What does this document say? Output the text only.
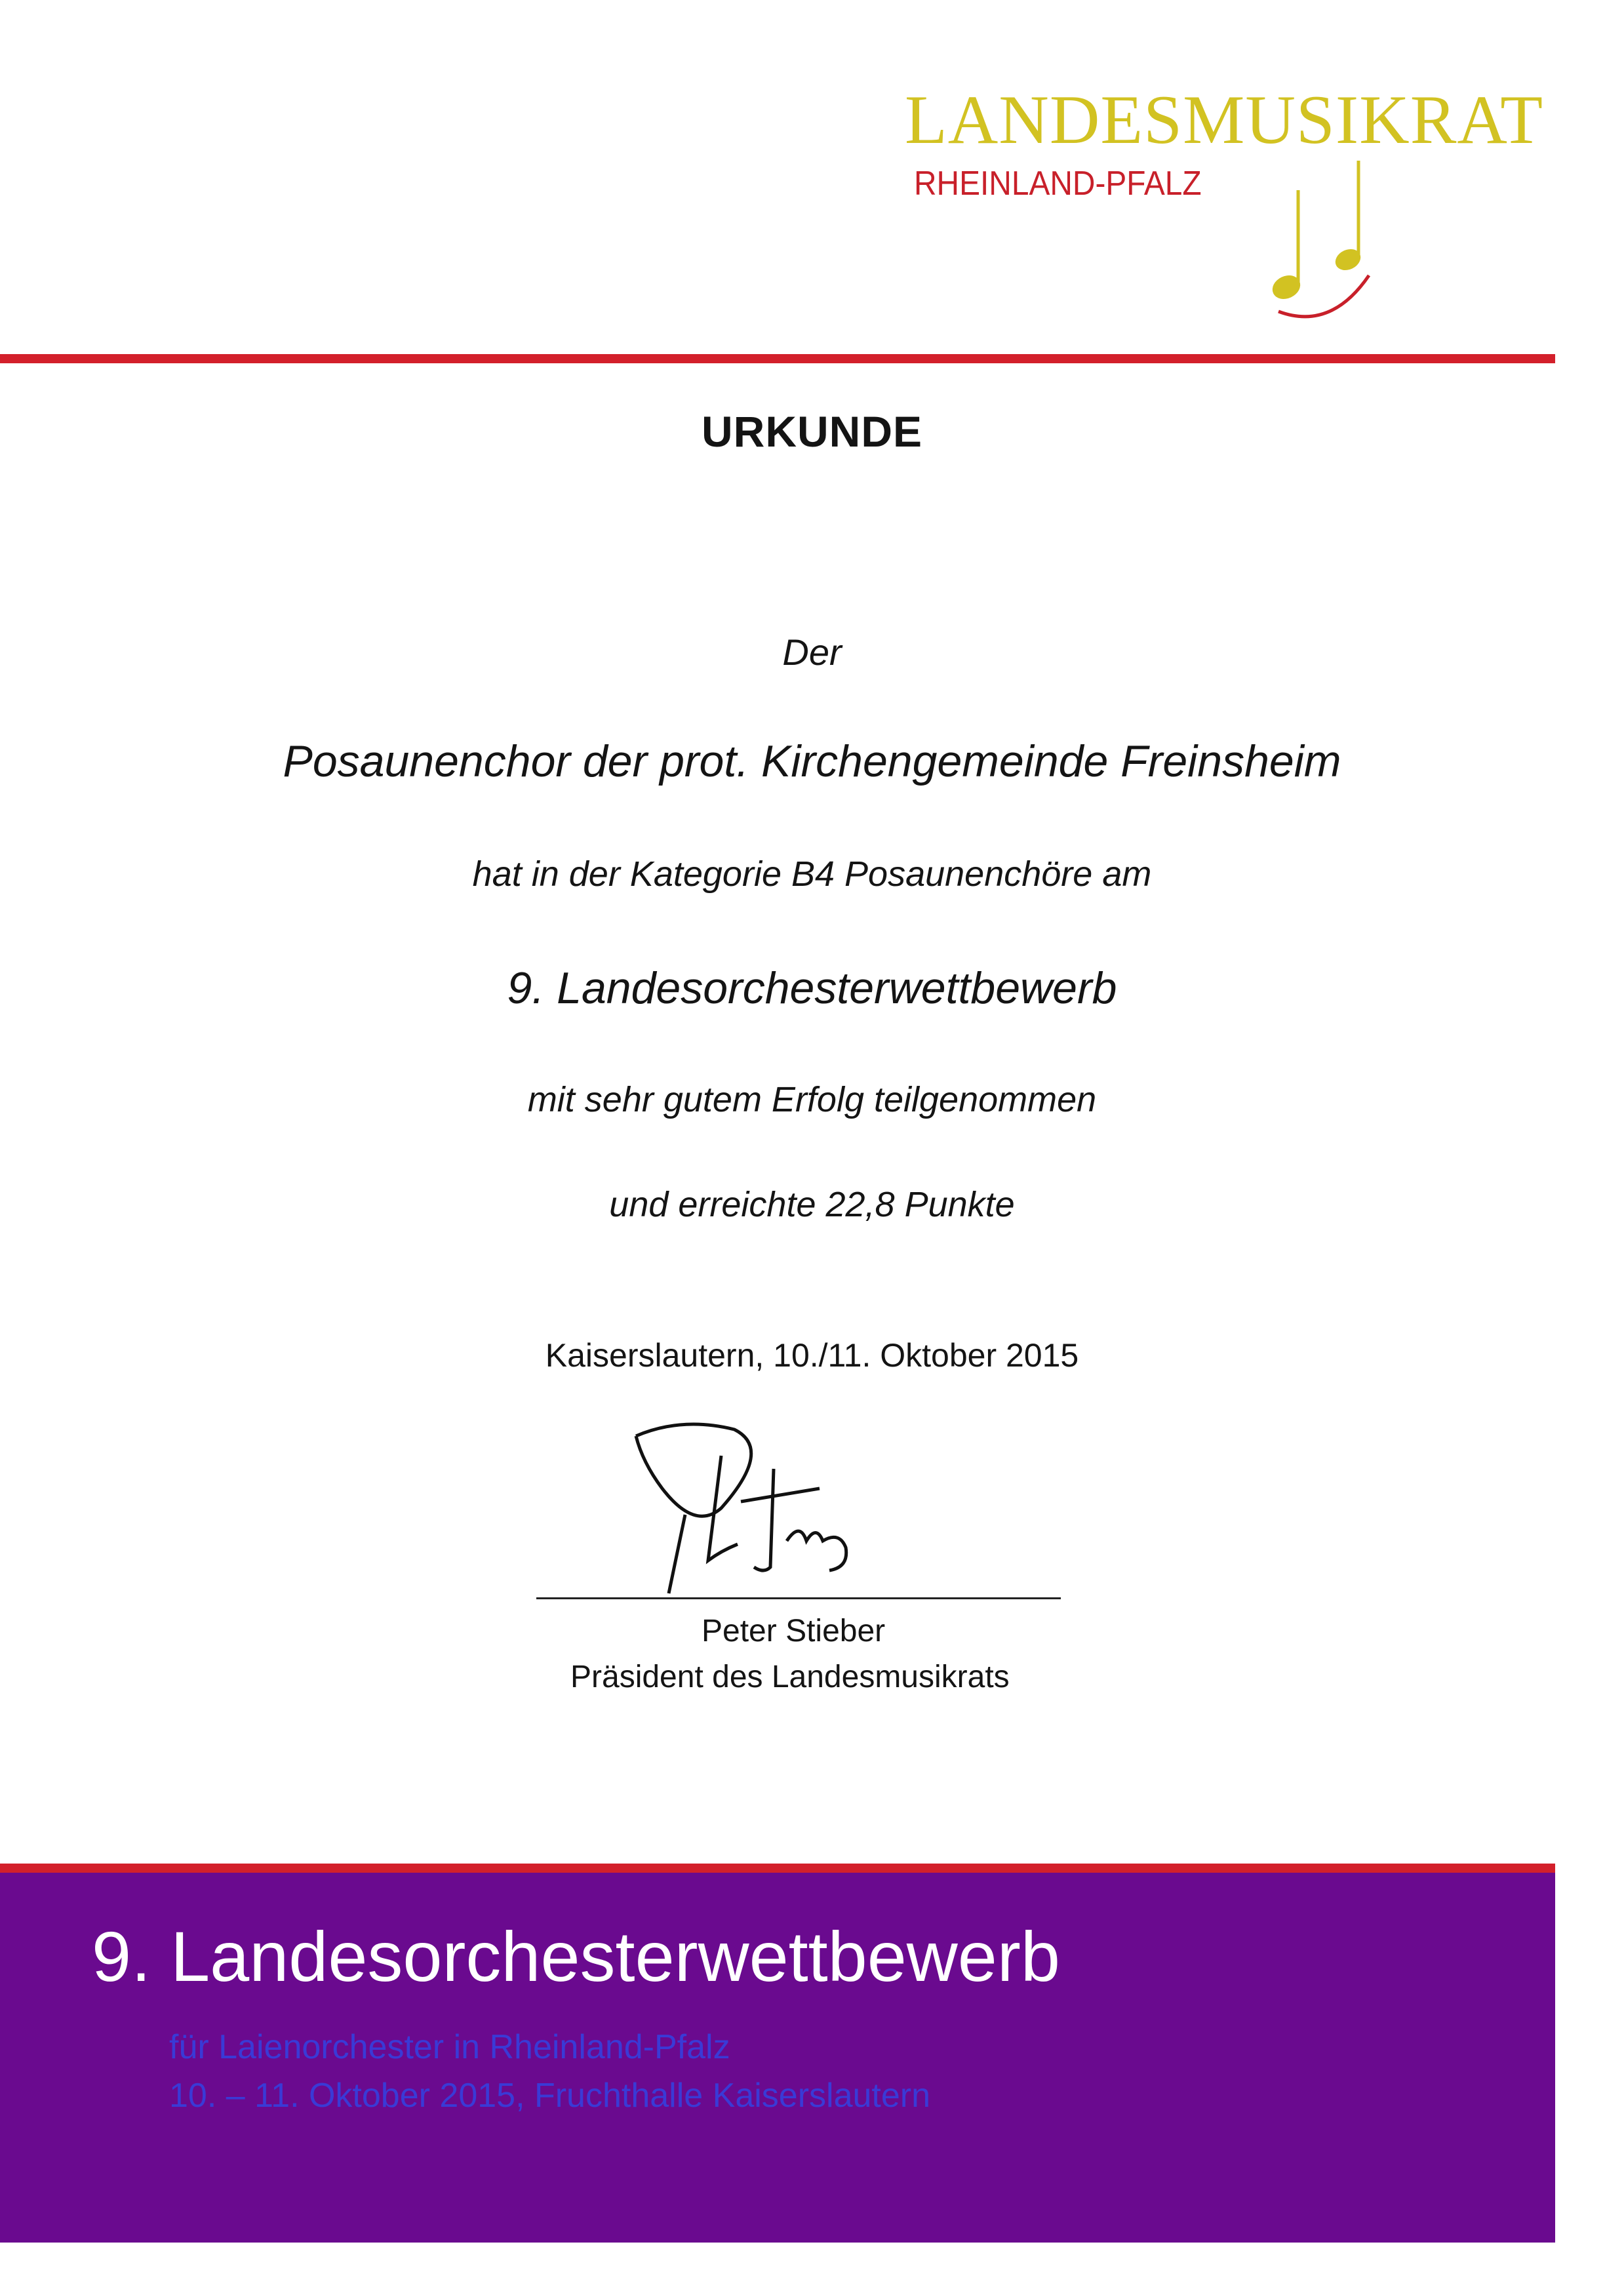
LANDESMUSIKRAT
RHEINLAND-PFALZ
URKUNDE
Der
Posaunenchor der prot. Kirchengemeinde Freinsheim
hat in der Kategorie B4 Posaunenchöre am
9. Landesorchesterwettbewerb
mit sehr gutem Erfolg teilgenommen
und erreichte 22,8 Punkte
Kaiserslautern, 10./11. Oktober 2015
Peter Stieber
Präsident des Landesmusikrats
9. Landesorchesterwettbewerb
für Laienorchester in Rheinland-Pfalz
10. – 11. Oktober 2015, Fruchthalle Kaiserslautern
